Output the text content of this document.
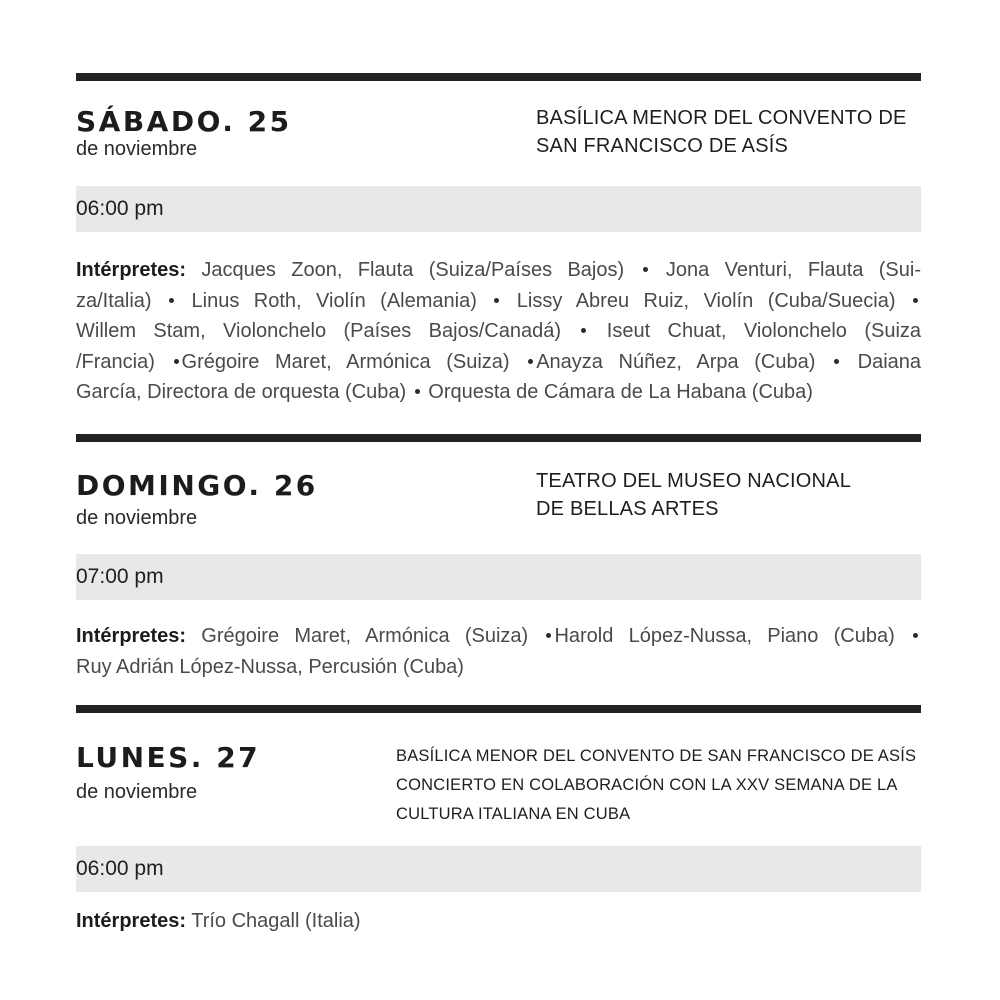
SÁBADO. 25
de noviembre
BASÍLICA MENOR DEL CONVENTO DE
SAN FRANCISCO DE ASÍS
06:00 pm
Intérpretes: Jacques Zoon, Flauta (Suiza/Países Bajos)  Jona Venturi, Flauta (Sui-
za/Italia)  Linus Roth, Violín (Alemania)  Lissy Abreu Ruiz, Violín (Cuba/Suecia)
Willem Stam, Violonchelo (Países Bajos/Canadá)  Iseut Chuat, Violonchelo (Suiza
/Francia) Grégoire Maret, Armónica (Suiza) Anayza Núñez, Arpa (Cuba)  Daiana
García, Directora de orquesta (Cuba)  Orquesta de Cámara de La Habana (Cuba)
DOMINGO. 26
de noviembre
TEATRO DEL MUSEO NACIONAL
DE BELLAS ARTES
07:00 pm
Intérpretes: Grégoire Maret, Armónica (Suiza) Harold López-Nussa, Piano (Cuba)
Ruy Adrián López-Nussa, Percusión (Cuba)
LUNES. 27
de noviembre
BASÍLICA MENOR DEL CONVENTO DE SAN FRANCISCO DE ASÍS
CONCIERTO EN COLABORACIÓN CON LA XXV SEMANA DE LA
CULTURA ITALIANA EN CUBA
06:00 pm
Intérpretes: Trío Chagall (Italia)
